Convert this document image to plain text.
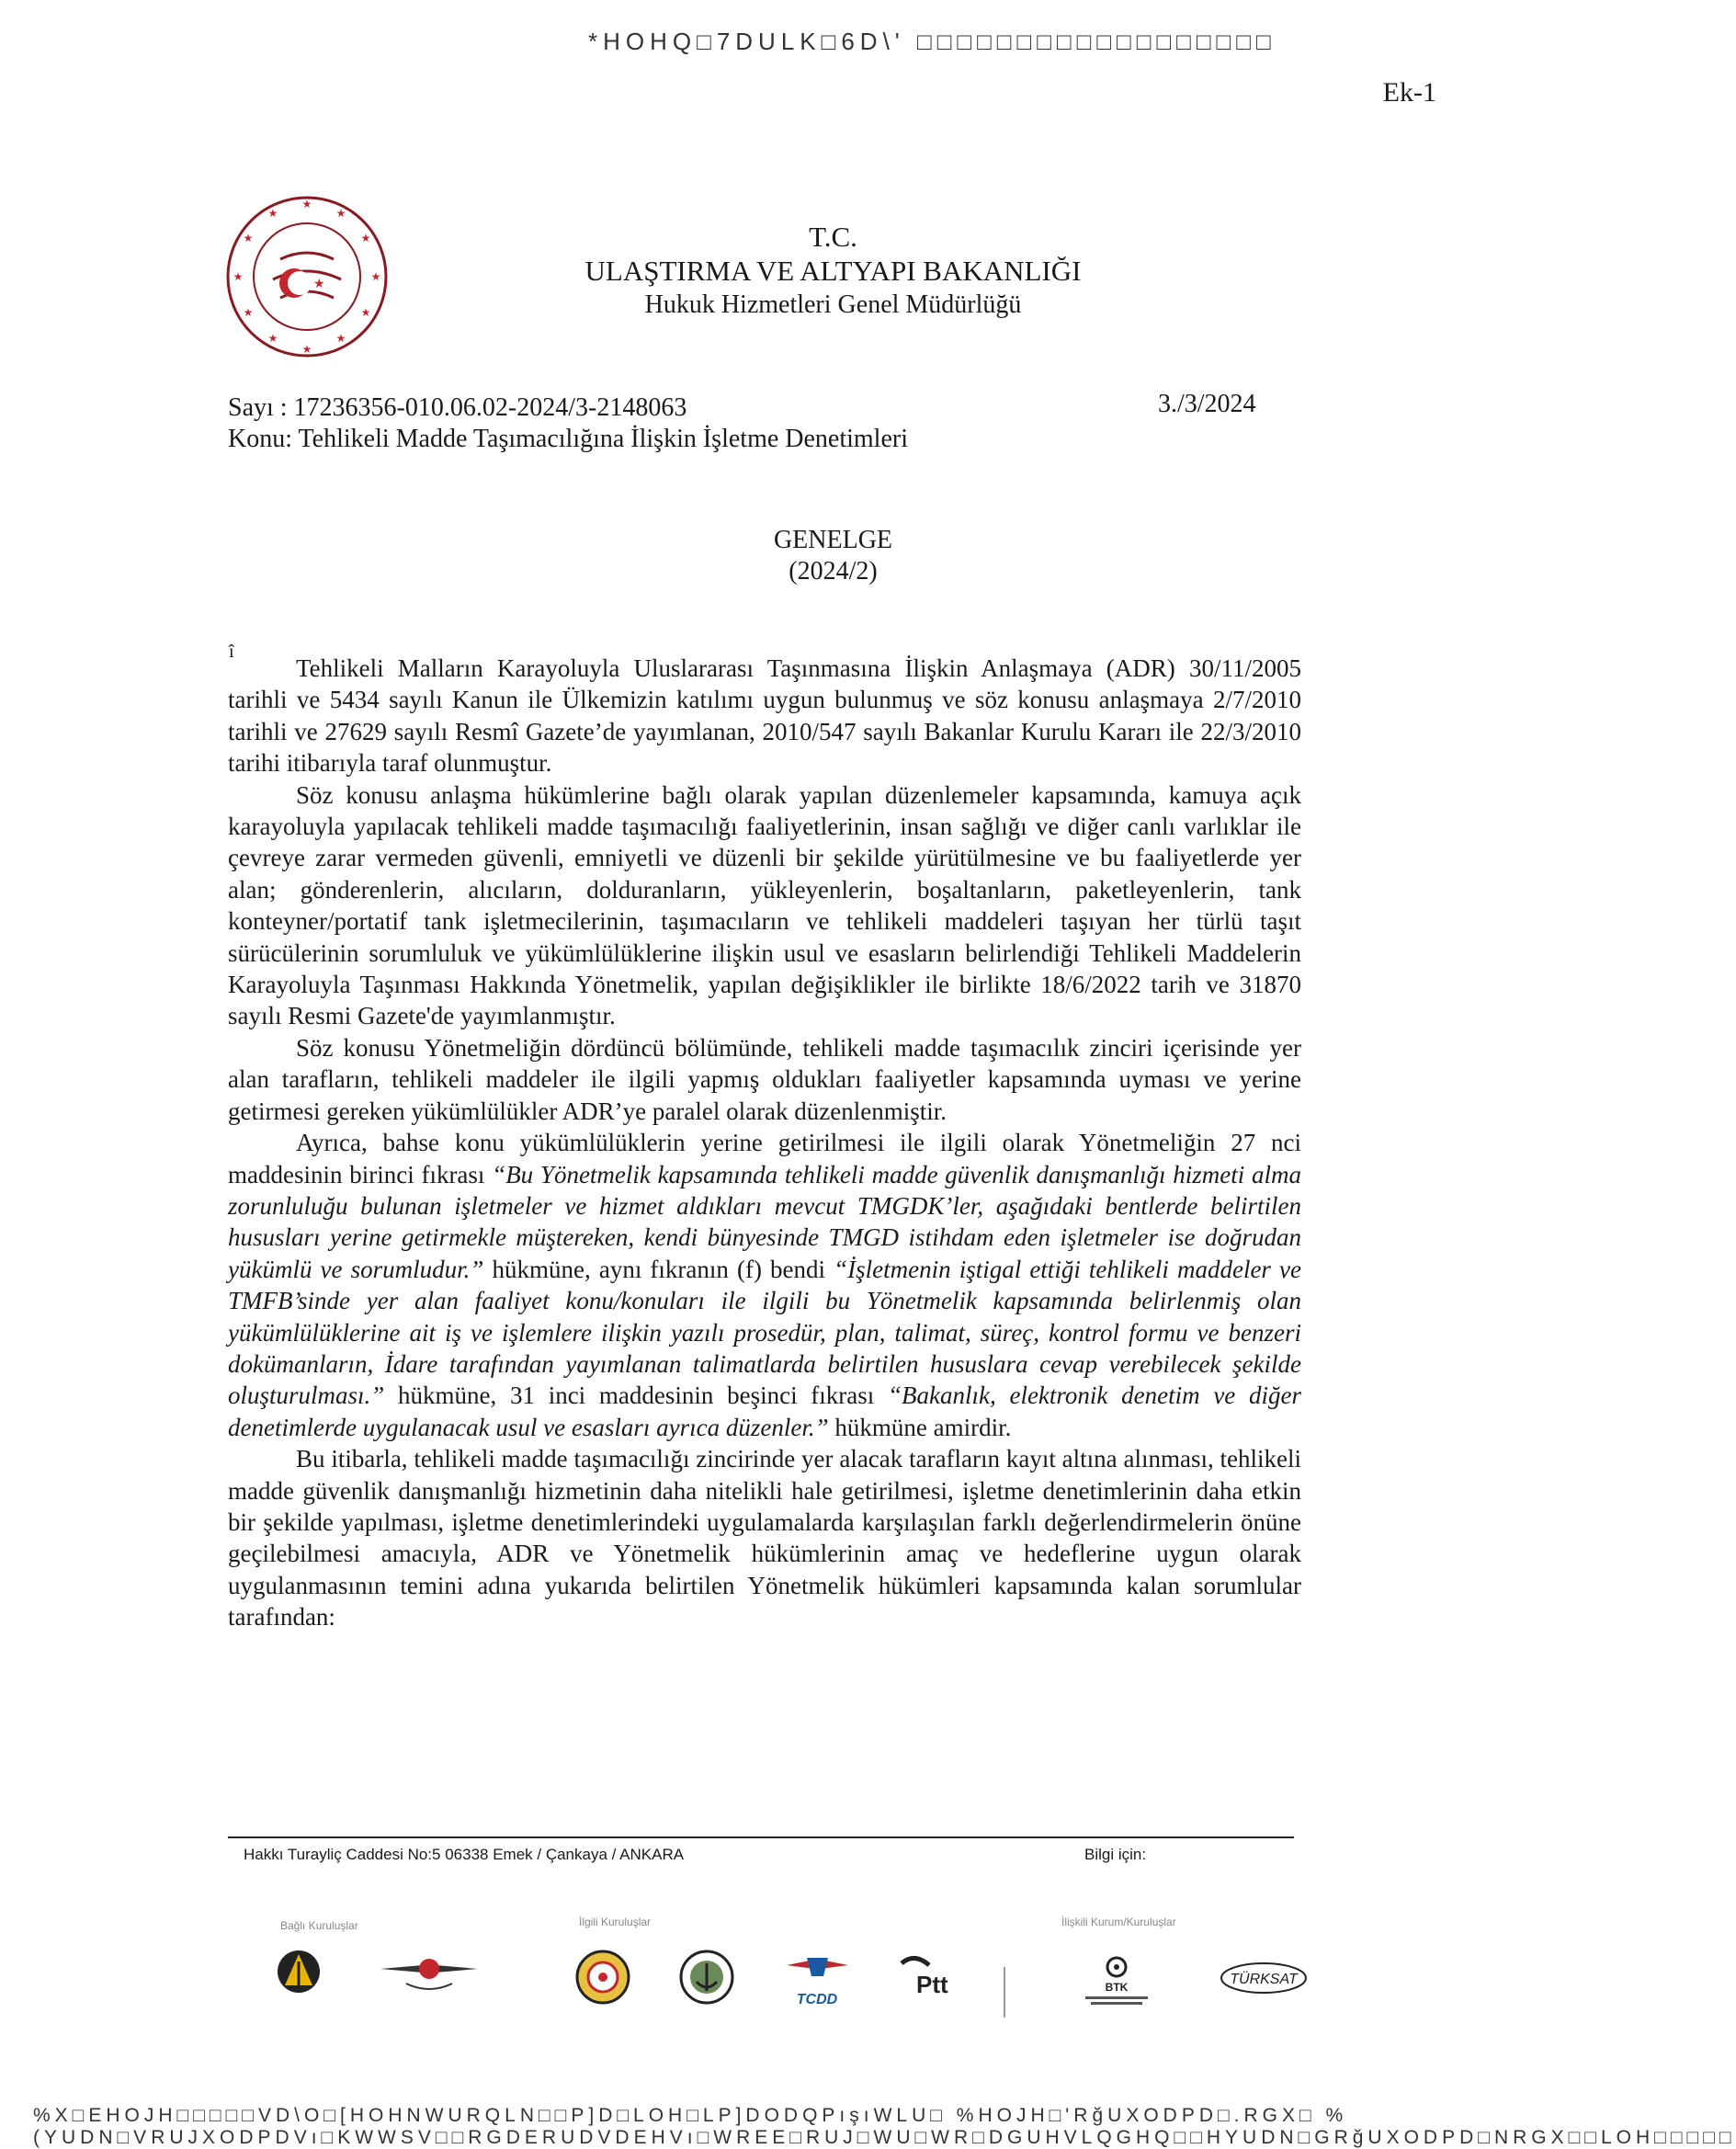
*HOHQ□7DULK□6D\' □□□□□□□□□□□□□□□□□□
Ek-1
★
★
★
★
★
★
★
★
★
★
★
★
★
T.C.
ULAŞTIRMA VE ALTYAPI BAKANLIĞI
Hukuk Hizmetleri Genel Müdürlüğü
Sayı : 17236356-010.06.02-2024/3-2148063	3./3/2024
Konu: Tehlikeli Madde Taşımacılığına İlişkin İşletme Denetimleri
GENELGE
(2024/2)
î

Tehlikeli Malların Karayoluyla Uluslararası Taşınmasına İlişkin Anlaşmaya (ADR) 30/11/2005 tarihli ve 5434 sayılı Kanun ile Ülkemizin katılımı uygun bulunmuş ve söz konusu anlaşmaya 2/7/2010 tarihli ve 27629 sayılı Resmî Gazete’de yayımlanan, 2010/547 sayılı Bakanlar Kurulu Kararı ile 22/3/2010 tarihi itibarıyla taraf olunmuştur.

Söz konusu anlaşma hükümlerine bağlı olarak yapılan düzenlemeler kapsamında, kamuya açık karayoluyla yapılacak tehlikeli madde taşımacılığı faaliyetlerinin, insan sağlığı ve diğer canlı varlıklar ile çevreye zarar vermeden güvenli, emniyetli ve düzenli bir şekilde yürütülmesine ve bu faaliyetlerde yer alan; gönderenlerin, alıcıların, dolduranların, yükleyenlerin, boşaltanların, paketleyenlerin, tank konteyner/portatif tank işletmecilerinin, taşımacıların ve tehlikeli maddeleri taşıyan her türlü taşıt sürücülerinin sorumluluk ve yükümlülüklerine ilişkin usul ve esasların belirlendiği Tehlikeli Maddelerin Karayoluyla Taşınması Hakkında Yönetmelik, yapılan değişiklikler ile birlikte 18/6/2022 tarih ve 31870 sayılı Resmi Gazete'de yayımlanmıştır.

Söz konusu Yönetmeliğin dördüncü bölümünde, tehlikeli madde taşımacılık zinciri içerisinde yer alan tarafların, tehlikeli maddeler ile ilgili yapmış oldukları faaliyetler kapsamında uyması ve yerine getirmesi gereken yükümlülükler ADR’ye paralel olarak düzenlenmiştir.

Ayrıca, bahse konu yükümlülüklerin yerine getirilmesi ile ilgili olarak Yönetmeliğin 27 nci maddesinin birinci fıkrası “Bu Yönetmelik kapsamında tehlikeli madde güvenlik danışmanlığı hizmeti alma zorunluluğu bulunan işletmeler ve hizmet aldıkları mevcut TMGDK’ler, aşağıdaki bentlerde belirtilen hususları yerine getirmekle müştereken, kendi bünyesinde TMGD istihdam eden işletmeler ise doğrudan yükümlü ve sorumludur.” hükmüne, aynı fıkranın (f) bendi “İşletmenin iştigal ettiği tehlikeli maddeler ve TMFB’sinde yer alan faaliyet konu/konuları ile ilgili bu Yönetmelik kapsamında belirlenmiş olan yükümlülüklerine ait iş ve işlemlere ilişkin yazılı prosedür, plan, talimat, süreç, kontrol formu ve benzeri dokümanların, İdare tarafından yayımlanan talimatlarda belirtilen hususlara cevap verebilecek şekilde oluşturulması.” hükmüne, 31 inci maddesinin beşinci fıkrası “Bakanlık, elektronik denetim ve diğer denetimlerde uygulanacak usul ve esasları ayrıca düzenler.” hükmüne amirdir.

Bu itibarla, tehlikeli madde taşımacılığı zincirinde yer alacak tarafların kayıt altına alınması, tehlikeli madde güvenlik danışmanlığı hizmetinin daha nitelikli hale getirilmesi, işletme denetimlerinin daha etkin bir şekilde yapılması, işletme denetimlerindeki uygulamalarda karşılaşılan farklı değerlendirmelerin önüne geçilebilmesi amacıyla, ADR ve Yönetmelik hükümlerinin amaç ve hedeflerine uygun olarak uygulanmasının temini adına yukarıda belirtilen Yönetmelik hükümleri kapsamında kalan sorumlular tarafından:

Hakkı Turayliç Caddesi No:5 06338 Emek / Çankaya / ANKARA	Bilgi için:
Bağlı Kuruluşlar	İlgili Kuruluşlar	İlişkili Kurum/Kuruluşlar
TCDD
Ptt	BTK	TÜRKSAT
%X□EHOJH□□□□□VD\O□[HOHNWURQLN□□P]D□LOH□LP]DODQPışıWLU□ %HOJH□'RğUXODPD□.RGX□ %
(YUDN□VRUJXODPDVı□KWWSV□□RGDERUDVDEHVı□WREE□RUJ□WU□WR□DGUHVLQGHQ□□HYUDN□GRğUXODPD□NRGX□□LOH□□□□□
